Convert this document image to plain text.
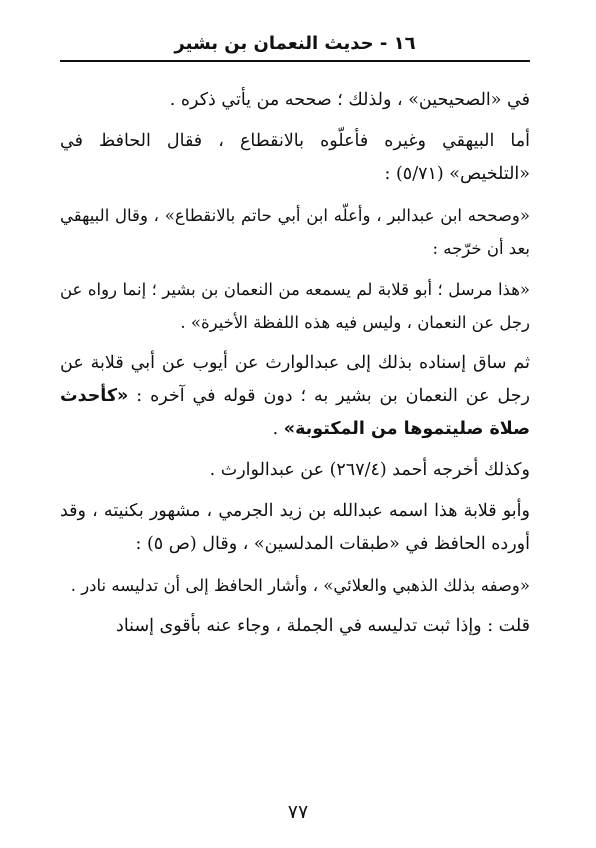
١٦ - حديث النعمان بن بشير

في «الصحيحين» ، ولذلك ؛ صححه من يأتي ذكره .

أما البيهقي وغيره فأعلّوه بالانقطاع ، فقال الحافظ في «التلخيص» (٥/٧١) :

«وصححه ابن عبدالبر ، وأعلّه ابن أبي حاتم بالانقطاع» ، وقال البيهقي بعد أن خرّجه :

«هذا مرسل ؛ أبو قلابة لم يسمعه من النعمان بن بشير ؛ إنما رواه عن رجل عن النعمان ، وليس فيه هذه اللفظة الأخيرة» .

ثم ساق إسناده بذلك إلى عبدالوارث عن أيوب عن أبي قلابة عن رجل عن النعمان بن بشير به ؛ دون قوله في آخره : «كأحدث صلاة صليتموها من المكتوبة» .

وكذلك أخرجه أحمد (٢٦٧/٤) عن عبدالوارث .

وأبو قلابة هذا اسمه عبدالله بن زيد الجرمي ، مشهور بكنيته ، وقد أورده الحافظ في «طبقات المدلسين» ، وقال (ص ٥) :

«وصفه بذلك الذهبي والعلائي» ، وأشار الحافظ إلى أن تدليسه نادر .

قلت : وإذا ثبت تدليسه في الجملة ، وجاء عنه بأقوى إسناد

٧٧
